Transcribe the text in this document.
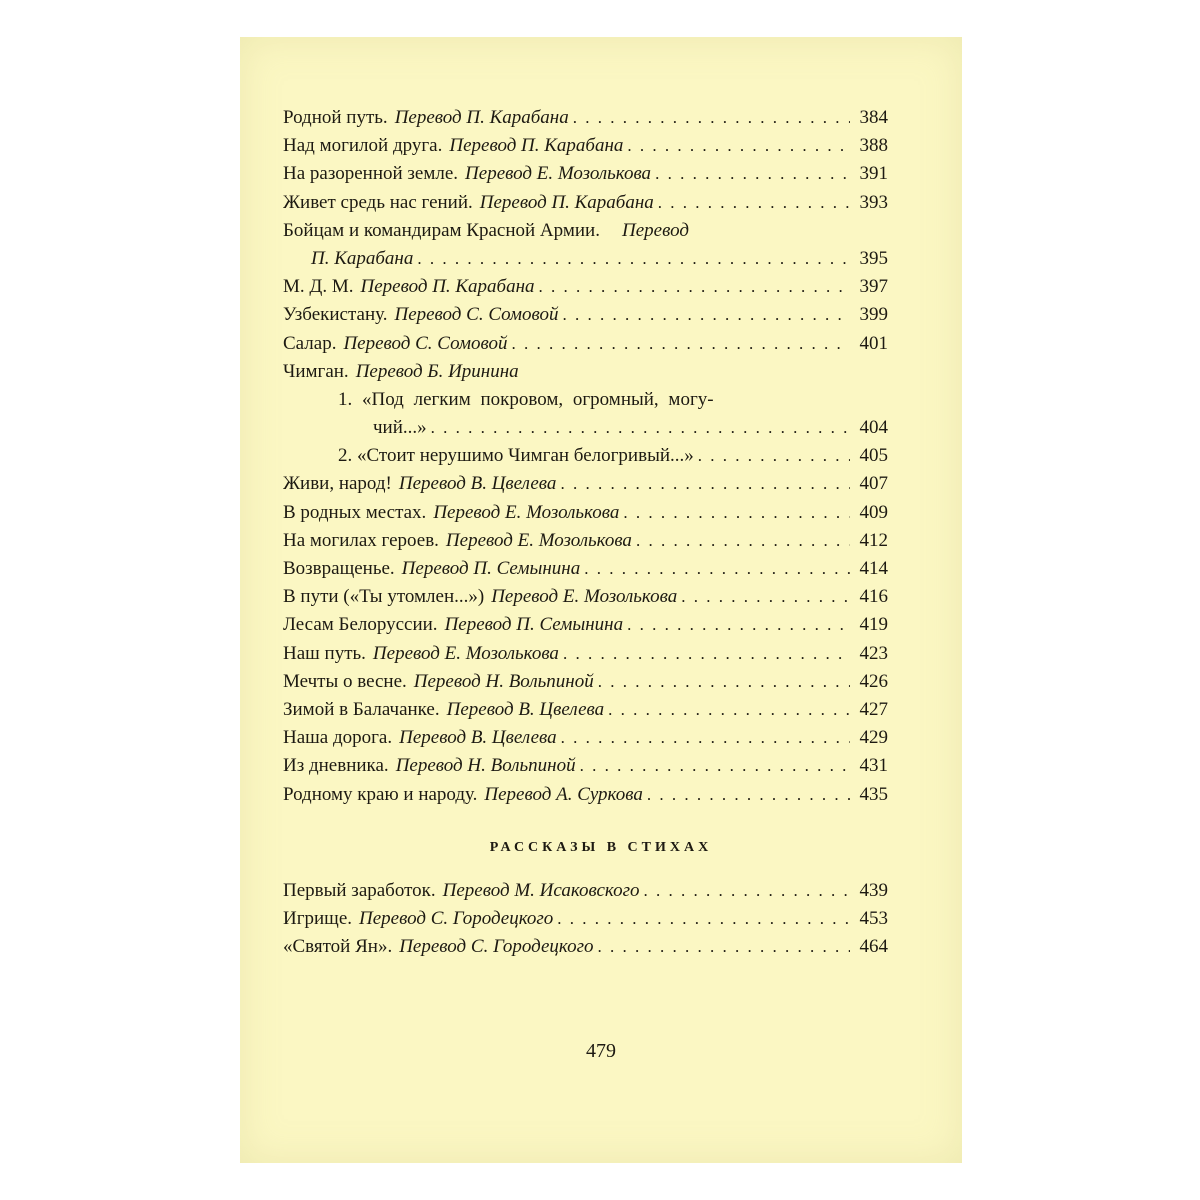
Родной путь. Перевод П. Карабана . . .	384
Над могилой друга. Перевод П. Карабана . . .	388
На разоренной земле. Перевод Е. Мозолькова . . .	391
Живет средь нас гений. Перевод П. Карабана . . .	393
Бойцам и командирам Красной Армии. Перевод
П. Карабана . . .	395
М. Д. М. Перевод П. Карабана . . .	397
Узбекистану. Перевод С. Сомовой . . .	399
Салар. Перевод С. Сомовой . . .	401
Чимган. Перевод Б. Иринина
1. «Под легким покровом, огромный, могу-
чий...» . . .	404
2. «Стоит нерушимо Чимган белогривый...» . . .	405
Живи, народ! Перевод В. Цвелева . . .	407
В родных местах. Перевод Е. Мозолькова . . .	409
На могилах героев. Перевод Е. Мозолькова . . .	412
Возвращенье. Перевод П. Семынина . . .	414
В пути («Ты утомлен...») Перевод Е. Мозолькова . . .	416
Лесам Белоруссии. Перевод П. Семынина . . .	419
Наш путь. Перевод Е. Мозолькова . . .	423
Мечты о весне. Перевод Н. Вольпиной . . .	426
Зимой в Балачанке. Перевод В. Цвелева . . .	427
Наша дорога. Перевод В. Цвелева . . .	429
Из дневника. Перевод Н. Вольпиной . . .	431
Родному краю и народу. Перевод А. Суркова . . .	435
РАССКАЗЫ В СТИХАХ
Первый заработок. Перевод М. Исаковского . . .	439
Игрище. Перевод С. Городецкого . . .	453
«Святой Ян». Перевод С. Городецкого . . .	464
479
